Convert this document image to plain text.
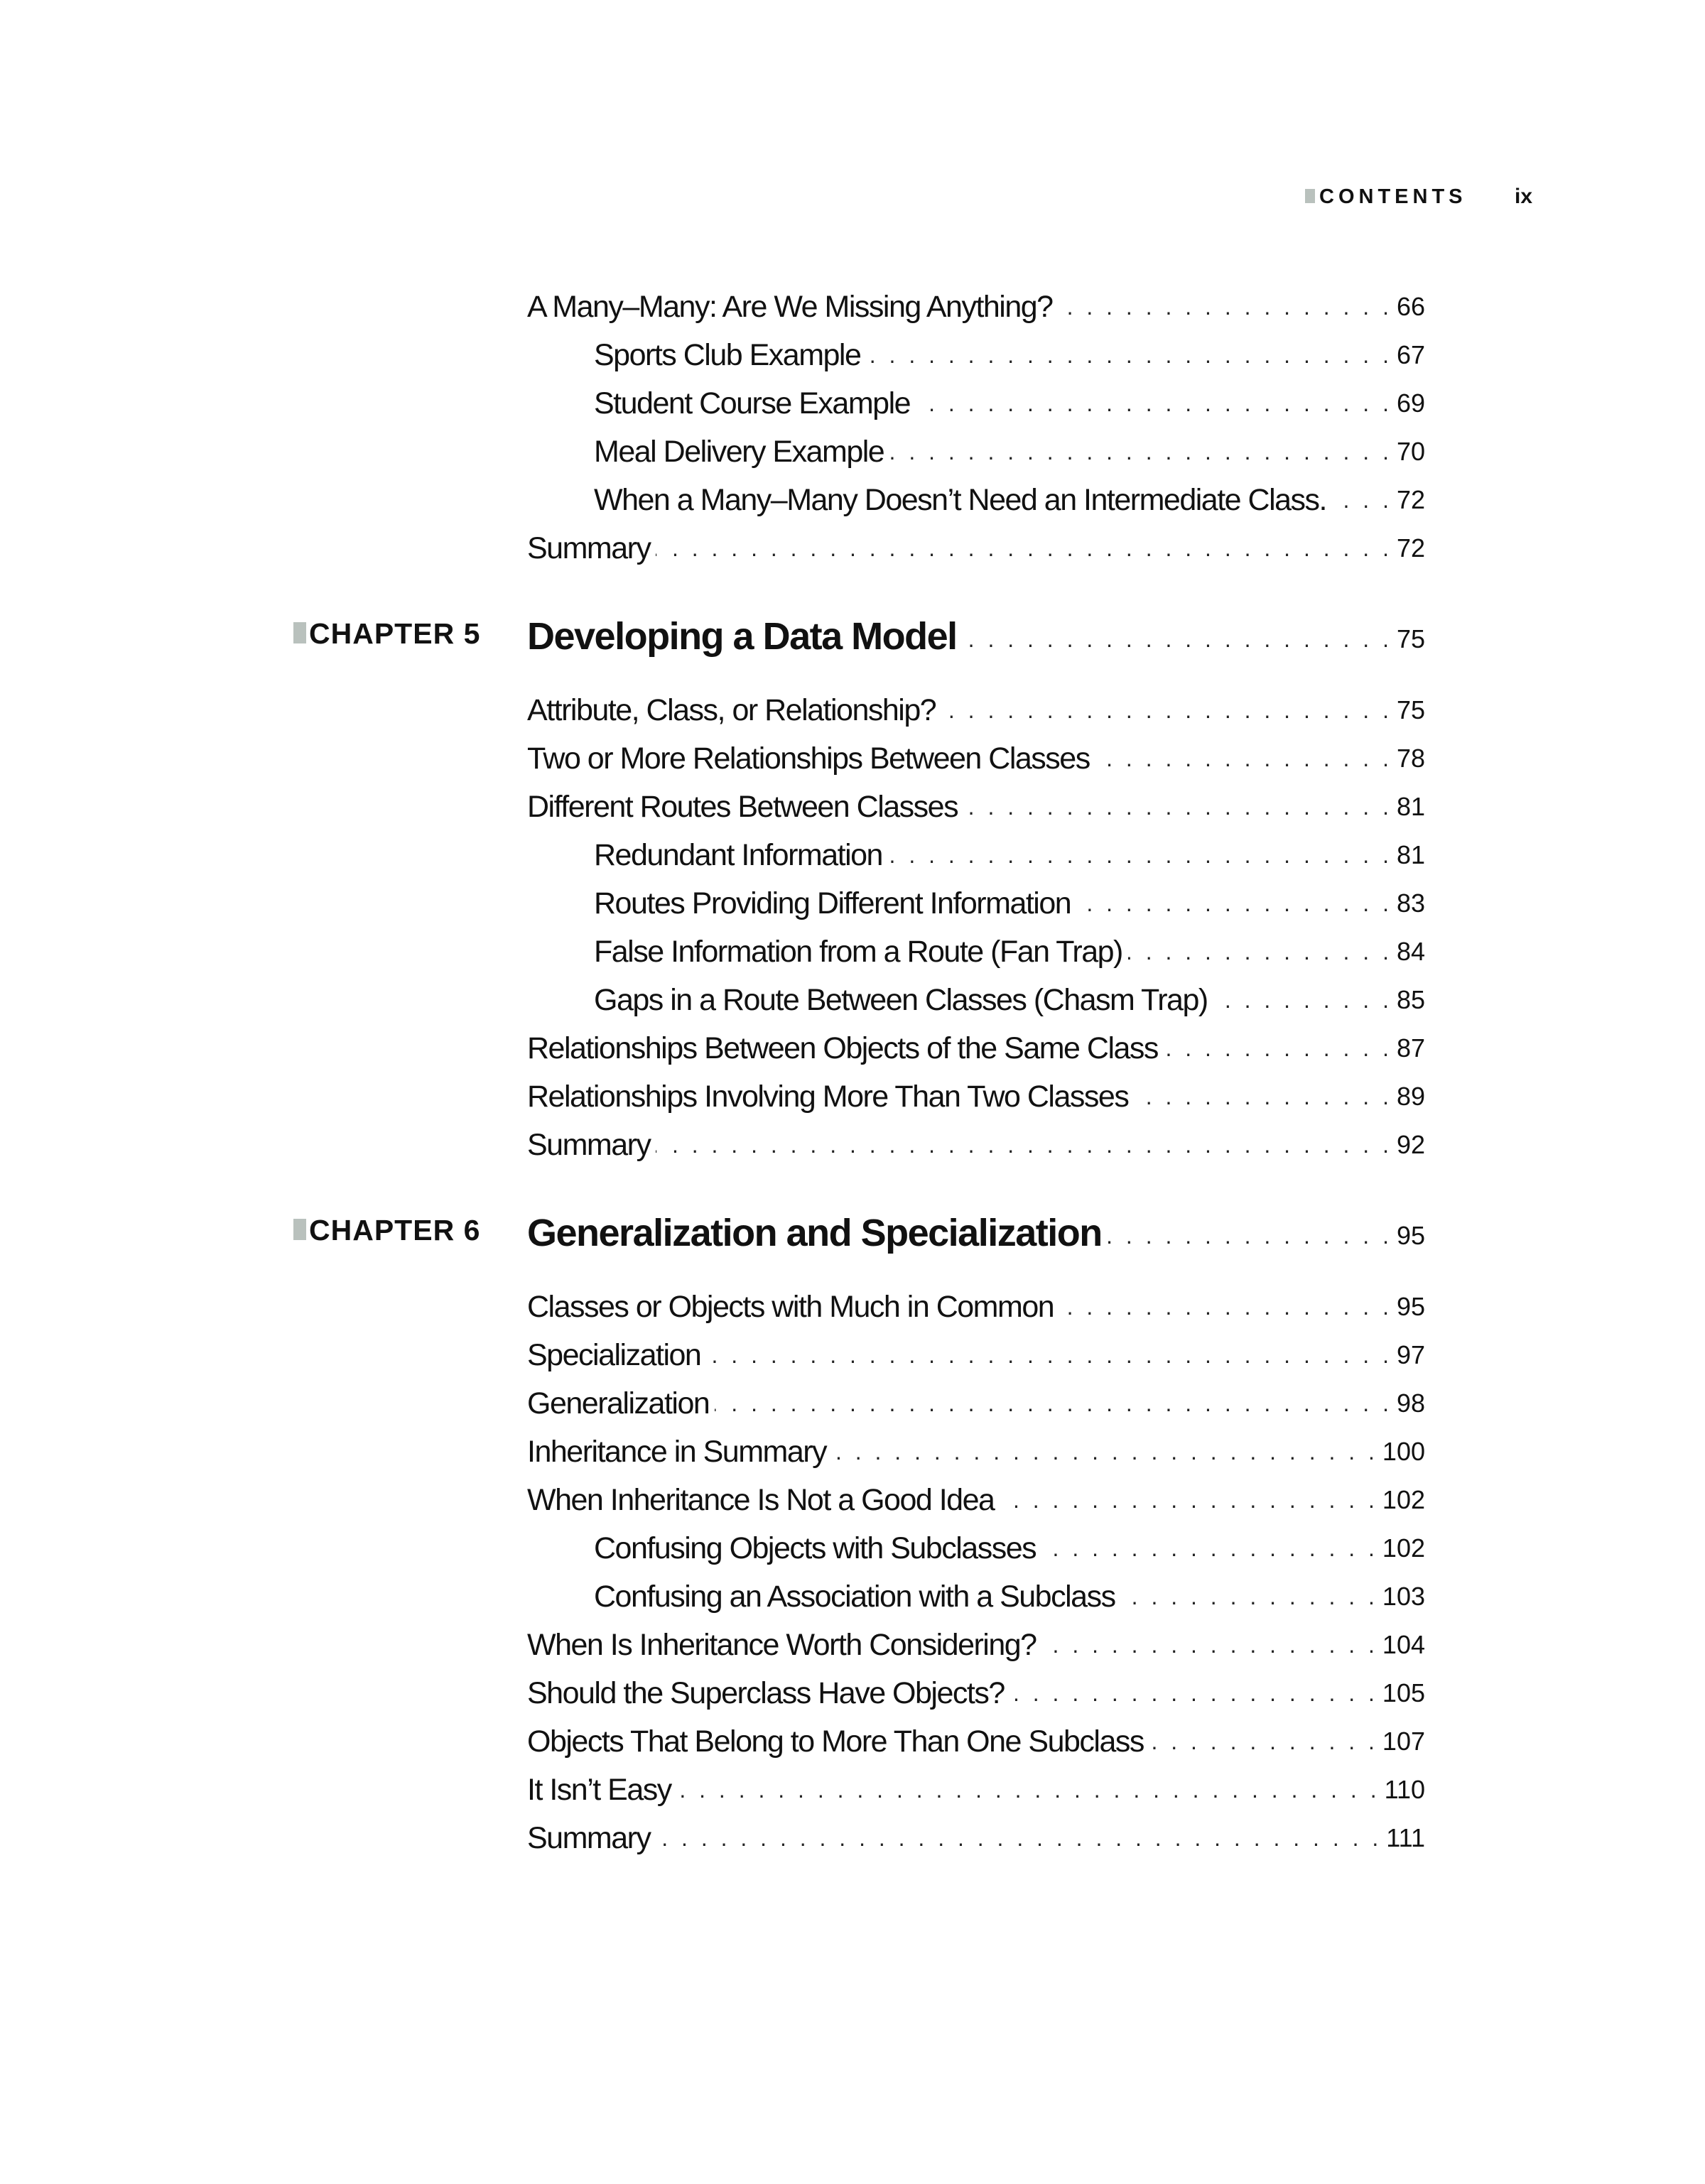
CONTENTS ix
A Many–Many: Are We Missing Anything? . . .	66
Sports Club Example . . .	67
Student Course Example . . .	69
Meal Delivery Example . . .	70
When a Many–Many Doesn’t Need an Intermediate Class. . . .	72
Summary . . .	72
CHAPTER 5 Developing a Data Model . . .	75
Attribute, Class, or Relationship? . . .	75
Two or More Relationships Between Classes . . .	78
Different Routes Between Classes . . .	81
Redundant Information . . .	81
Routes Providing Different Information . . .	83
False Information from a Route (Fan Trap) . . .	84
Gaps in a Route Between Classes (Chasm Trap) . . .	85
Relationships Between Objects of the Same Class . . .	87
Relationships Involving More Than Two Classes . . .	89
Summary . . .	92
CHAPTER 6 Generalization and Specialization . . .	95
Classes or Objects with Much in Common . . .	95
Specialization . . .	97
Generalization . . .	98
Inheritance in Summary . . .	100
When Inheritance Is Not a Good Idea . . .	102
Confusing Objects with Subclasses . . .	102
Confusing an Association with a Subclass . . .	103
When Is Inheritance Worth Considering? . . .	104
Should the Superclass Have Objects? . . .	105
Objects That Belong to More Than One Subclass . . .	107
It Isn’t Easy . . .	110
Summary . . .	111
